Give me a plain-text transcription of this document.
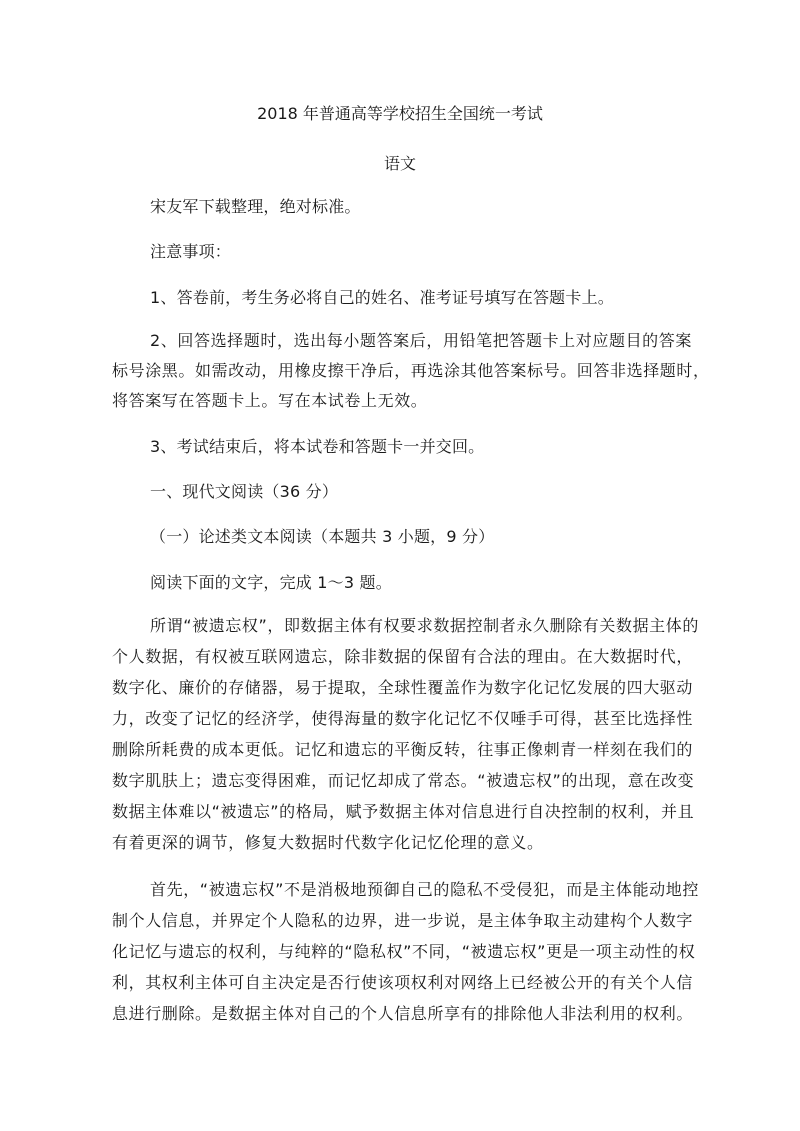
2018 年普通高等学校招生全国统一考试
语文
宋友军下载整理，绝对标准。
注意事项：
1、答卷前，考生务必将自己的姓名、准考证号填写在答题卡上。
2、回答选择题时，选出每小题答案后，用铅笔把答题卡上对应题目的答案
标号涂黑。如需改动，用橡皮擦干净后，再选涂其他答案标号。回答非选择题时，
将答案写在答题卡上。写在本试卷上无效。
3、考试结束后，将本试卷和答题卡一并交回。
一、现代文阅读（36 分）
（一）论述类文本阅读（本题共 3 小题，9 分）
阅读下面的文字，完成 1～3 题。
所谓“被遗忘权”，即数据主体有权要求数据控制者永久删除有关数据主体的
个人数据，有权被互联网遗忘，除非数据的保留有合法的理由。在大数据时代，
数字化、廉价的存储器，易于提取，全球性覆盖作为数字化记忆发展的四大驱动
力，改变了记忆的经济学，使得海量的数字化记忆不仅唾手可得，甚至比选择性
删除所耗费的成本更低。记忆和遗忘的平衡反转，往事正像刺青一样刻在我们的
数字肌肤上；遗忘变得困难，而记忆却成了常态。“被遗忘权”的出现，意在改变
数据主体难以“被遗忘”的格局，赋予数据主体对信息进行自决控制的权利，并且
有着更深的调节，修复大数据时代数字化记忆伦理的意义。
首先，“被遗忘权”不是消极地预御自己的隐私不受侵犯，而是主体能动地控
制个人信息，并界定个人隐私的边界，进一步说，是主体争取主动建构个人数字
化记忆与遗忘的权利，与纯粹的“隐私权”不同，“被遗忘权”更是一项主动性的权
利，其权利主体可自主决定是否行使该项权利对网络上已经被公开的有关个人信
息进行删除。是数据主体对自己的个人信息所享有的排除他人非法利用的权利。
